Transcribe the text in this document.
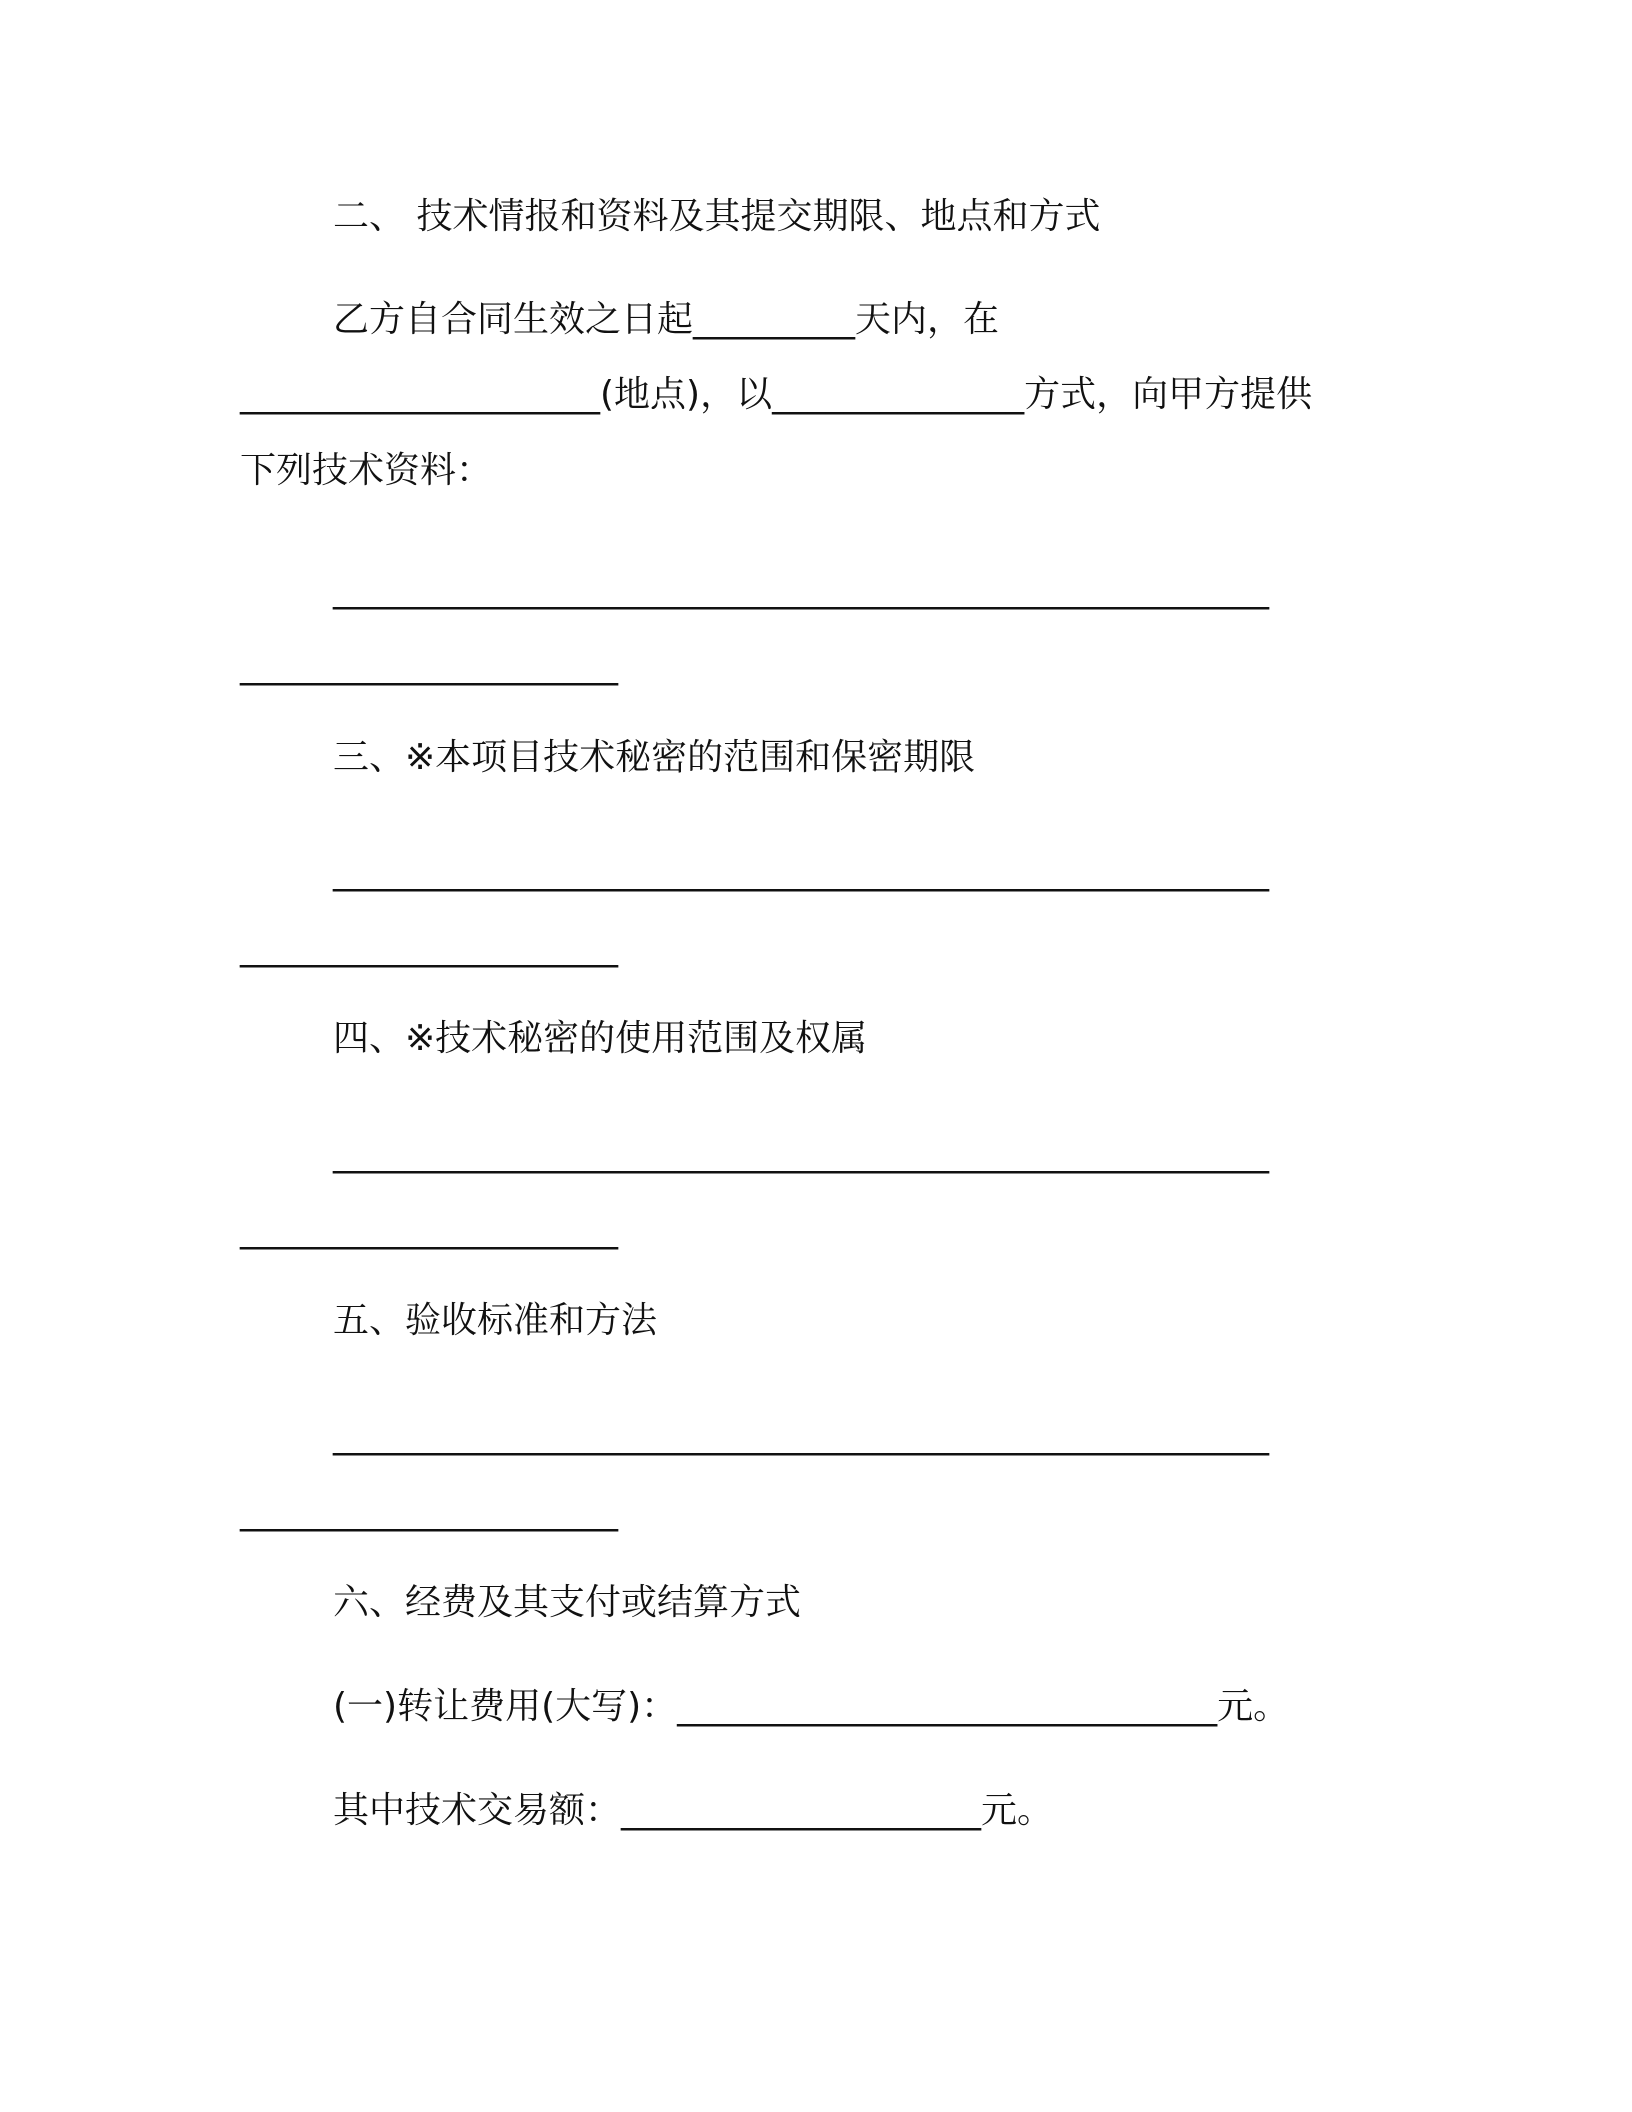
二、 技术情报和资料及其提交期限、地点和方式
乙方自合同生效之日起_________天内，在
____________________(地点)，以______________方式，向甲方提供
下列技术资料：
____________________________________________________
_____________________
三、※本项目技术秘密的范围和保密期限
____________________________________________________
_____________________
四、※技术秘密的使用范围及权属
____________________________________________________
_____________________
五、验收标准和方法
____________________________________________________
_____________________
六、经费及其支付或结算方式
(一)转让费用(大写)：______________________________元。
其中技术交易额：____________________元。
